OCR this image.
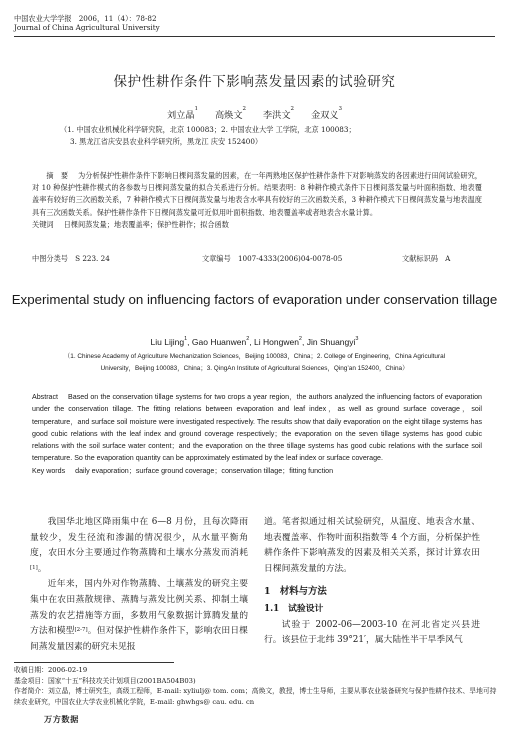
中国农业大学学报　2006，11（4）：78-82
Journal of China Agricultural University
保护性耕作条件下影响蒸发量因素的试验研究
刘立晶$^1$ 高焕文$^2$ 李洪文$^2$ 金双义$^3$
（1. 中国农业机械化科学研究院，北京 100083；2. 中国农业大学 工学院，北京 100083；
3. 黑龙江省庆安县农业科学研究所，黑龙江 庆安 152400）
摘　要 为分析保护性耕作条件下影响日棵间蒸发量的因素，在一年两熟地区保护性耕作条件下对影响蒸发的各因素进行田间试验研究，对 10 种保护性耕作模式的各参数与日棵间蒸发量的拟合关系进行分析。结果表明：8 种耕作模式条件下日棵间蒸发量与叶面积指数、地表覆盖率有较好的三次函数关系，7 种耕作模式下日棵间蒸发量与地表含水率具有较好的三次函数关系，3 种耕作模式下日棵间蒸发量与地表温度具有三次函数关系。保护性耕作条件下日棵间蒸发量可近似用叶面积指数、地表覆盖率或者地表含水量计算。
关键词 日棵间蒸发量；地表覆盖率；保护性耕作；拟合函数
中图分类号　S 223. 24	文章编号　1007-4333(2006)04-0078-05	文献标识码　A
Experimental study on influencing factors of evaporation under conservation tillage
Liu Lijing$^1$, Gao Huanwen$^2$, Li Hongwen$^2$, Jin Shuangyi$^3$
（1. Chinese Academy of Agriculture Mechanization Sciences，Beijing 100083，China；2. College of Engineering，China Agricultural University，Beijing 100083，China；3. QingAn Institute of Agricultural Sciences，Qing’an 152400，China）
Abstract Based on the conservation tillage systems for two crops a year region，the authors analyzed the influencing factors of evaporation under the conservation tillage. The fitting relations between evaporation and leaf index，as well as ground surface coverage，soil temperature，and surface soil moisture were investigated respectively. The results show that daily evaporation on the eight tillage systems has good cubic relations with the leaf index and ground coverage respectively；the evaporation on the seven tillage systems has good cubic relations with the soil surface water content；and the evaporation on the three tillage systems has good cubic relations with the surface soil temperature. So the evaporation quantity can be approximately estimated by the leaf index or surface coverage.
Key words daily evaporation；surface ground coverage；conservation tillage；fitting function
我国华北地区降雨集中在 6—8 月份，且每次降雨量较少，发生径流和渗漏的情况很少，从水量平衡角度，农田水分主要通过作物蒸腾和土壤水分蒸发而消耗[1]。
近年来，国内外对作物蒸腾、土壤蒸发的研究主要集中在农田蒸散规律、蒸腾与蒸发比例关系、抑制土壤蒸发的农艺措施等方面，多数用气象数据计算腾发量的方法和模型[2-7]。但对保护性耕作条件下，影响农田日棵间蒸发量因素的研究未见报
道。笔者拟通过相关试验研究，从温度、地表含水量、地表覆盖率、作物叶面积指数等 4 个方面，分析保护性耕作条件下影响蒸发的因素及相关关系，探讨计算农田日棵间蒸发量的方法。
1　材料与方法
1.1　试验设计
试验于 2002-06—2003-10 在河北省定兴县进行。该县位于北纬 39°21′，属大陆性半干旱季风气
收稿日期：2006-02-19
基金项目：国家“十五”科技攻关计划项目(2001BA504B03)
作者简介：刘立晶，博士研究生，高级工程师，E-mail: xyliulj@ tom. com；高焕文，教授，博士生导师，主要从事农业装备研究与保护性耕作技术、旱地可持续农业研究，中国农业大学农业机械化学院，E-mail: ghwhgs@ cau. edu. cn
万方数据
